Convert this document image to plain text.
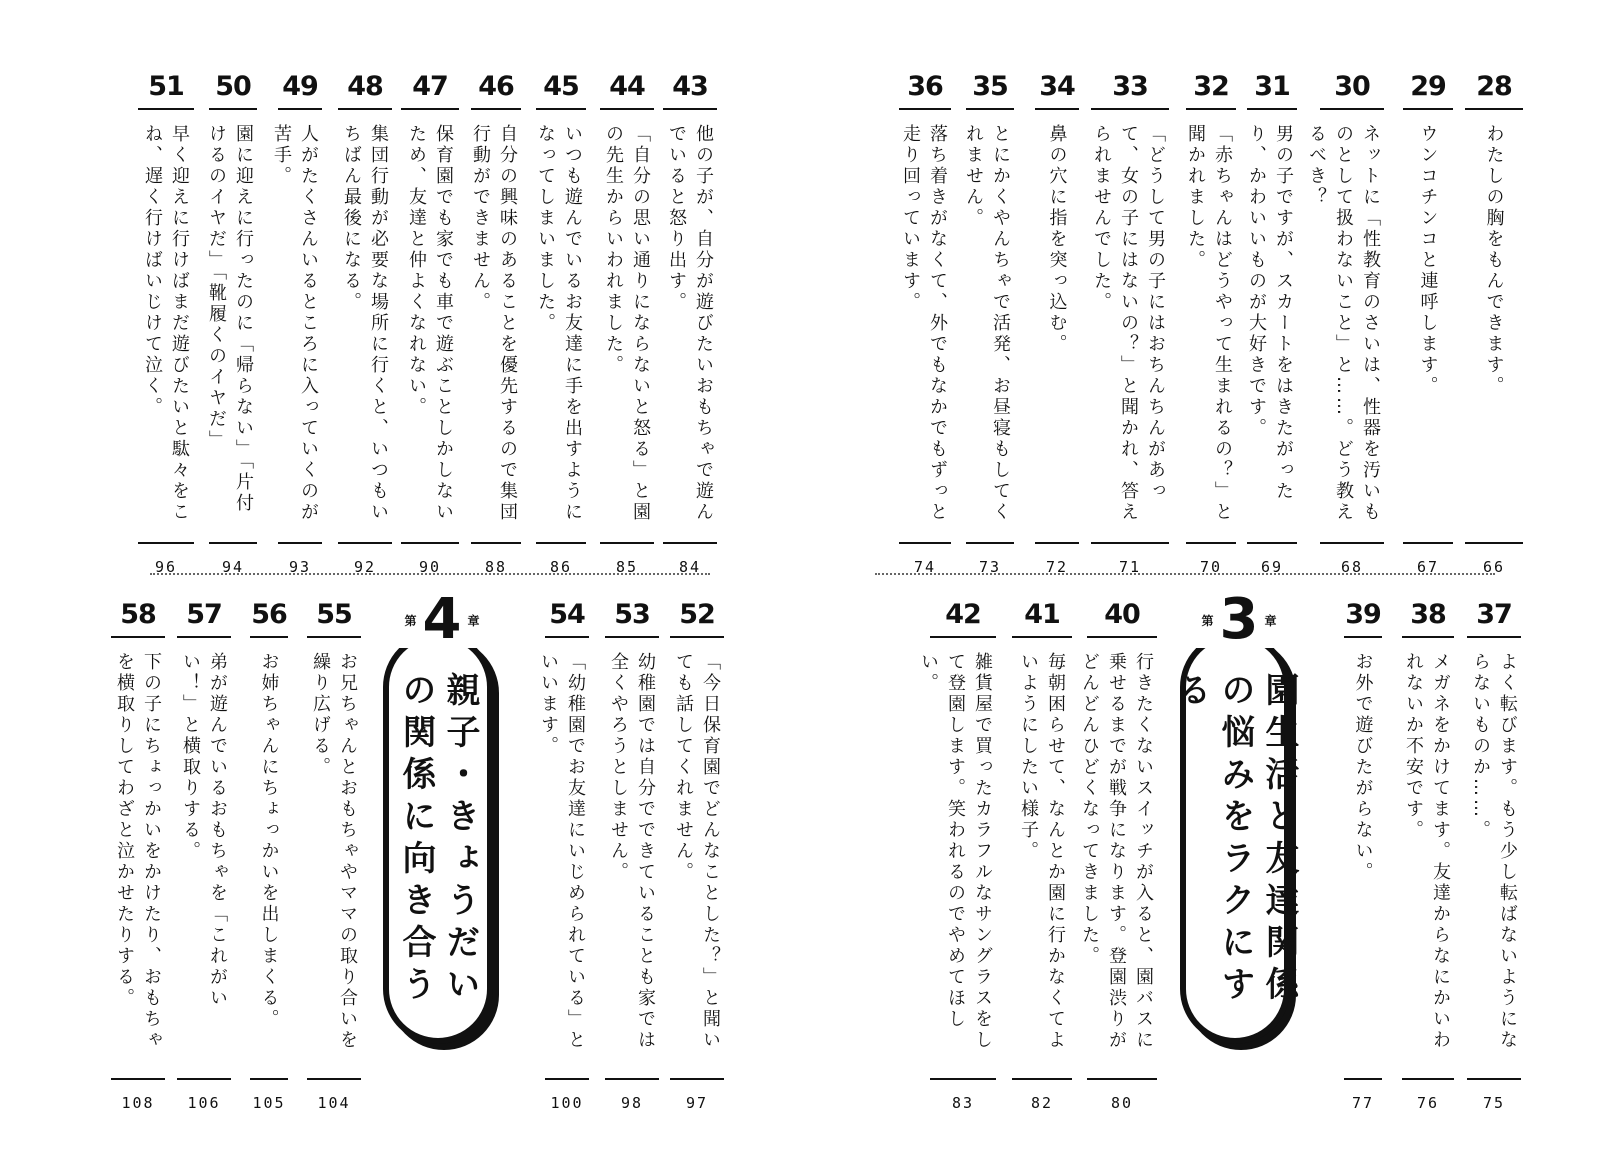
第 3 章
園生活と友達関係の悩みをラクにする
第 4 章
親子・きょうだいの関係に向き合う
28
わたしの胸をもんできます。
66
29
ウンコチンコと連呼します。
67
30
ネットに「性教育のさいは、性器を汚いものとして扱わないこと」と……。どう教えるべき？
68
31
男の子ですが、スカートをはきたがったり、かわいいものが大好きです。
69
32
「赤ちゃんはどうやって生まれるの？」と聞かれました。
70
33
「どうして男の子にはおちんちんがあって、女の子にはないの？」と聞かれ、答えられませんでした。
71
34
鼻の穴に指を突っ込む。
72
35
とにかくやんちゃで活発、お昼寝もしてくれません。
73
36
落ち着きがなくて、外でもなかでもずっと走り回っています。
74
43
他の子が、自分が遊びたいおもちゃで遊んでいると怒り出す。
84
44
「自分の思い通りにならないと怒る」と園の先生からいわれました。
85
45
いつも遊んでいるお友達に手を出すようになってしまいました。
86
46
自分の興味のあることを優先するので集団行動ができません。
88
47
保育園でも家でも車で遊ぶことしかしないため、友達と仲よくなれない。
90
48
集団行動が必要な場所に行くと、いつもいちばん最後になる。
92
49
人がたくさんいるところに入っていくのが苦手。
93
50
園に迎えに行ったのに「帰らない」「片付けるのイヤだ」「靴履くのイヤだ」
94
51
早く迎えに行けばまだ遊びたいと駄々をこね、遅く行けばいじけて泣く。
96
37
よく転びます。もう少し転ばないようにならないものか……。
75
38
メガネをかけてます。友達からなにかいわれないか不安です。
76
39
お外で遊びたがらない。
77
40
行きたくないスイッチが入ると、園バスに乗せるまでが戦争になります。登園渋りがどんどんひどくなってきました。
80
41
毎朝困らせて、なんとか園に行かなくてよいようにしたい様子。
82
42
雑貨屋で買ったカラフルなサングラスをして登園します。笑われるのでやめてほしい。
83
52
「今日保育園でどんなことした？」と聞いても話してくれません。
97
53
幼稚園では自分でできていることも家では全くやろうとしません。
98
54
「幼稚園でお友達にいじめられている」といいます。
100
55
お兄ちゃんとおもちゃやママの取り合いを繰り広げる。
104
56
お姉ちゃんにちょっかいを出しまくる。
105
57
弟が遊んでいるおもちゃを「これがいい！」と横取りする。
106
58
下の子にちょっかいをかけたり、おもちゃを横取りしてわざと泣かせたりする。
108
